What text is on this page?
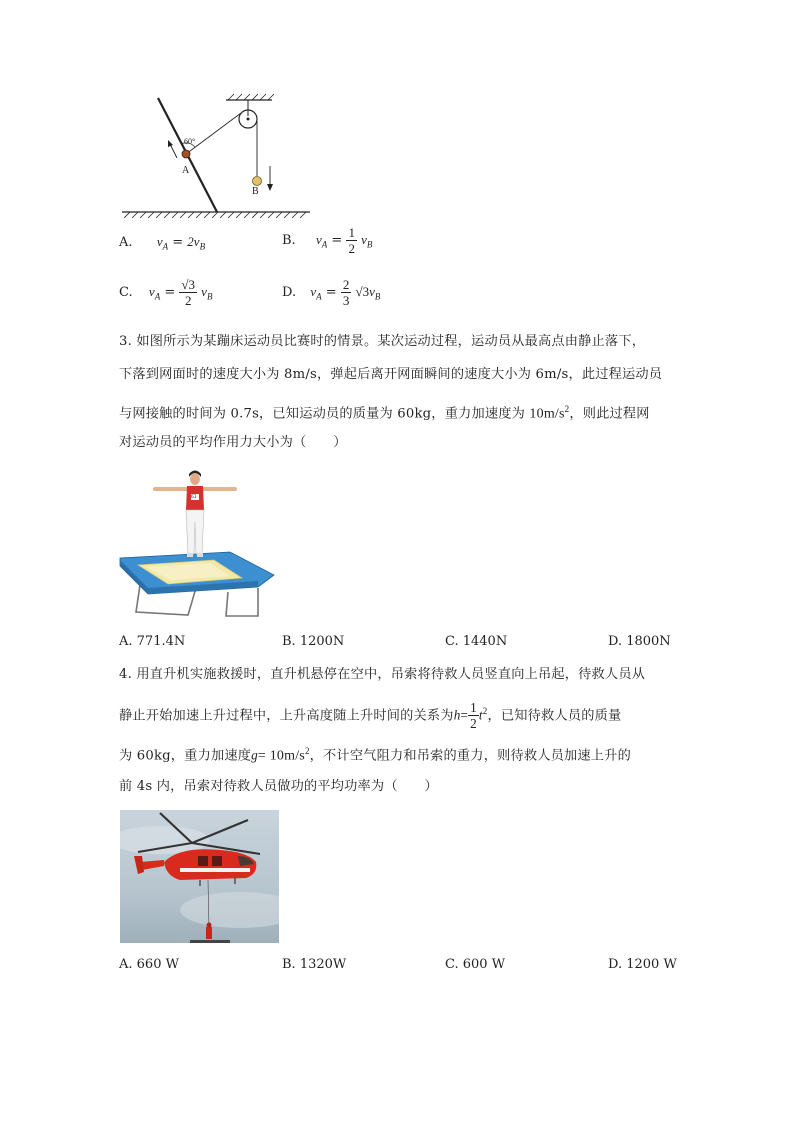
60°
A
B
A. $v_A = 2v_B$	B. $v_A = \frac{1}{2} v_B$
C. $v_A = \frac{√3}{2} v_B$	D. $v_A = \frac{2}{3} √3v_B$
3. 如图所示为某蹦床运动员比赛时的情景。某次运动过程，运动员从最高点由静止落下，
下落到网面时的速度大小为 8m/s，弹起后离开网面瞬间的速度大小为 6m/s，此过程运动员
与网接触的时间为 0.7s，已知运动员的质量为 60kg，重力加速度为 $10m/s^2$，则此过程网
对运动员的平均作用力大小为（　　）
61
A. 771.4N	B. 1200N	C. 1440N	D. 1800N
4. 用直升机实施救援时，直升机悬停在空中，吊索将待救人员竖直向上吊起，待救人员从
静止开始加速上升过程中，上升高度随上升时间的关系为$h= \frac{1}{2} t^2$，已知待救人员的质量
为 60kg，重力加速度$g= 10m/s^2$，不计空气阻力和吊索的重力，则待救人员加速上升的
前 4s 内，吊索对待救人员做功的平均功率为（　　）
A. 660 W	B. 1320W	C. 600 W	D. 1200 W
